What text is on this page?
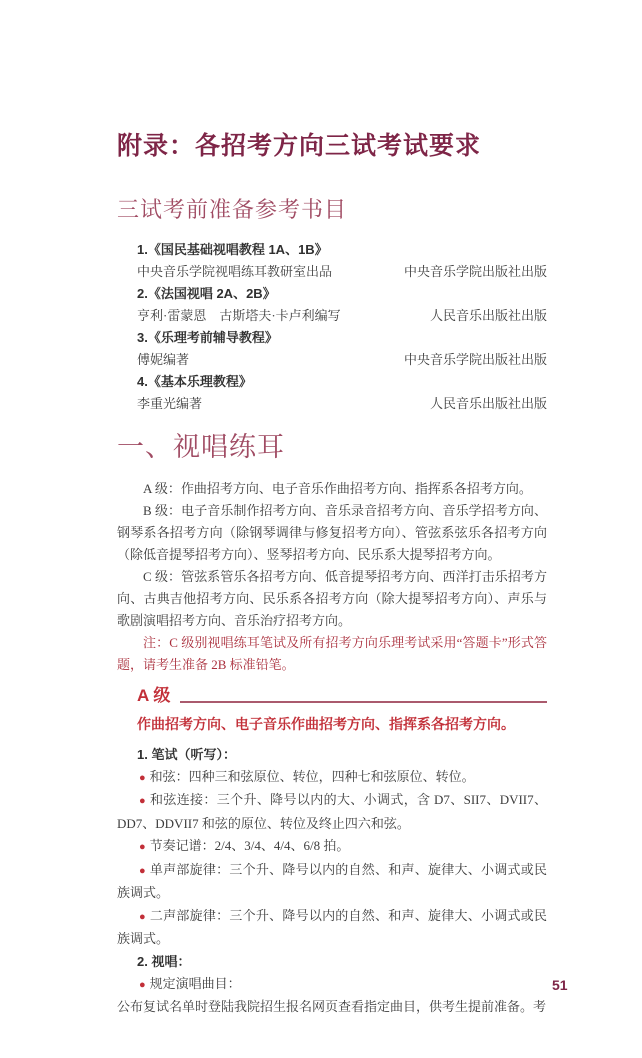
附录：各招考方向三试考试要求
三试考前准备参考书目
1.《国民基础视唱教程 1A、1B》
中央音乐学院视唱练耳教研室出品	中央音乐学院出版社出版
2.《法国视唱 2A、2B》
亨利·雷蒙恩　古斯塔夫·卡卢利编写	人民音乐出版社出版
3.《乐理考前辅导教程》
傅妮编著	中央音乐学院出版社出版
4.《基本乐理教程》
李重光编著	人民音乐出版社出版
一、视唱练耳

A 级：作曲招考方向、电子音乐作曲招考方向、指挥系各招考方向。

B 级：电子音乐制作招考方向、音乐录音招考方向、音乐学招考方向、钢琴系各招考方向（除钢琴调律与修复招考方向）、管弦系弦乐各招考方向（除低音提琴招考方向）、竖琴招考方向、民乐系大提琴招考方向。

C 级：管弦系管乐各招考方向、低音提琴招考方向、西洋打击乐招考方向、古典吉他招考方向、民乐系各招考方向（除大提琴招考方向）、声乐与歌剧演唱招考方向、音乐治疗招考方向。

注：C 级别视唱练耳笔试及所有招考方向乐理考试采用“答题卡”形式答题，请考生准备 2B 标准铅笔。

A 级

作曲招考方向、电子音乐作曲招考方向、指挥系各招考方向。

1. 笔试（听写）：

● 和弦：四种三和弦原位、转位，四种七和弦原位、转位。
● 和弦连接：三个升、降号以内的大、小调式，含 D7、SII7、DVII7、DD7、DDVII7 和弦的原位、转位及终止四六和弦。
● 节奏记谱：2/4、3/4、4/4、6/8 拍。
● 单声部旋律：三个升、降号以内的自然、和声、旋律大、小调式或民族调式。
● 二声部旋律：三个升、降号以内的自然、和声、旋律大、小调式或民族调式。

2. 视唱：

● 规定演唱曲目：

公布复试名单时登陆我院招生报名网页查看指定曲目，供考生提前准备。考

51
